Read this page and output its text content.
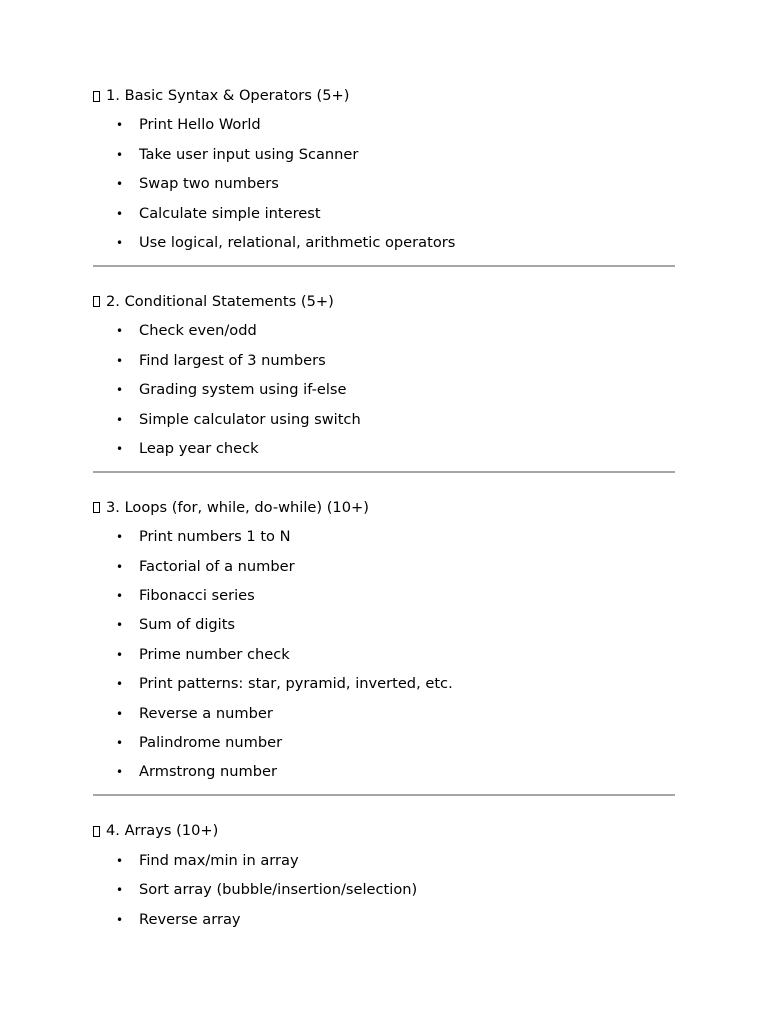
1. Basic Syntax & Operators (5+)
• Print Hello World
• Take user input using Scanner
• Swap two numbers
• Calculate simple interest
• Use logical, relational, arithmetic operators
2. Conditional Statements (5+)
• Check even/odd
• Find largest of 3 numbers
• Grading system using if-else
• Simple calculator using switch
• Leap year check
3. Loops (for, while, do-while) (10+)
• Print numbers 1 to N
• Factorial of a number
• Fibonacci series
• Sum of digits
• Prime number check
• Print patterns: star, pyramid, inverted, etc.
• Reverse a number
• Palindrome number
• Armstrong number
4. Arrays (10+)
• Find max/min in array
• Sort array (bubble/insertion/selection)
• Reverse array
